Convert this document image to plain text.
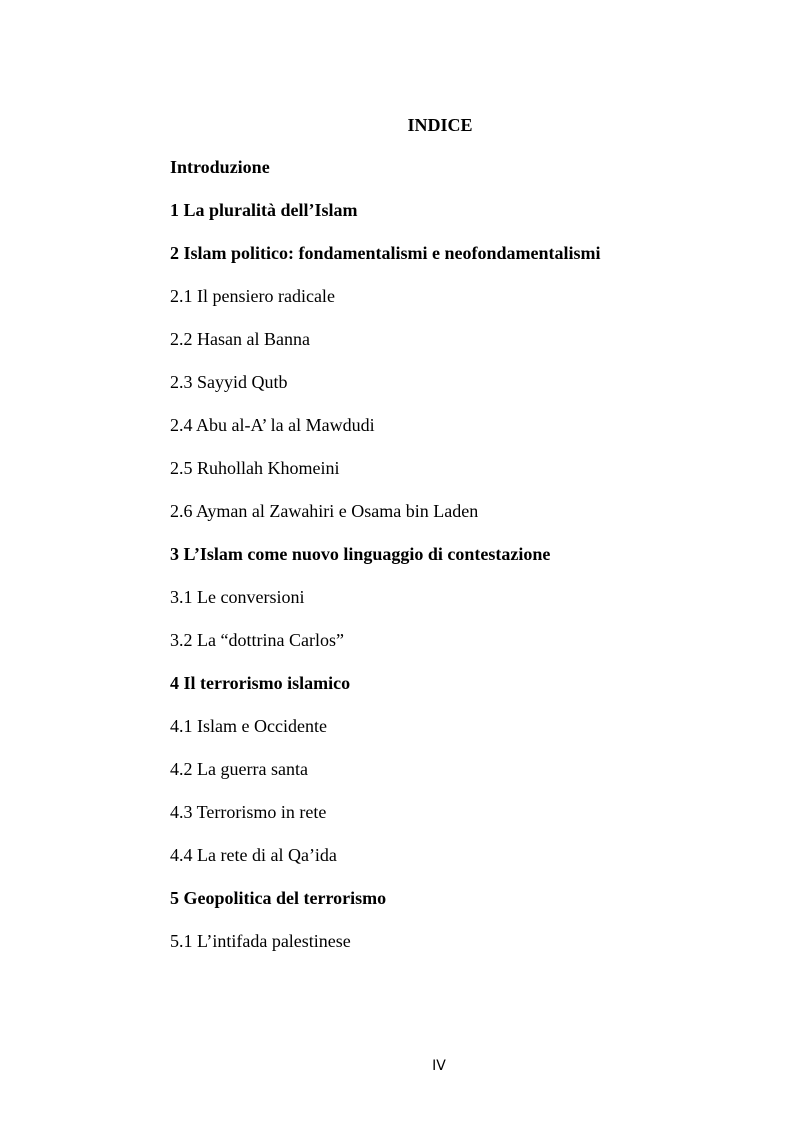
INDICE
Introduzione
1 La pluralità dell’Islam
2 Islam politico: fondamentalismi e neofondamentalismi
2.1 Il pensiero radicale
2.2 Hasan al Banna
2.3 Sayyid Qutb
2.4 Abu al-A’ la al Mawdudi
2.5 Ruhollah Khomeini
2.6 Ayman al Zawahiri e Osama bin Laden
3 L’Islam come nuovo linguaggio di contestazione
3.1 Le conversioni
3.2 La “dottrina Carlos”
4 Il terrorismo islamico
4.1 Islam e Occidente
4.2 La guerra santa
4.3 Terrorismo in rete
4.4 La rete di al Qa’ida
5 Geopolitica del terrorismo
5.1 L’intifada palestinese
IV
